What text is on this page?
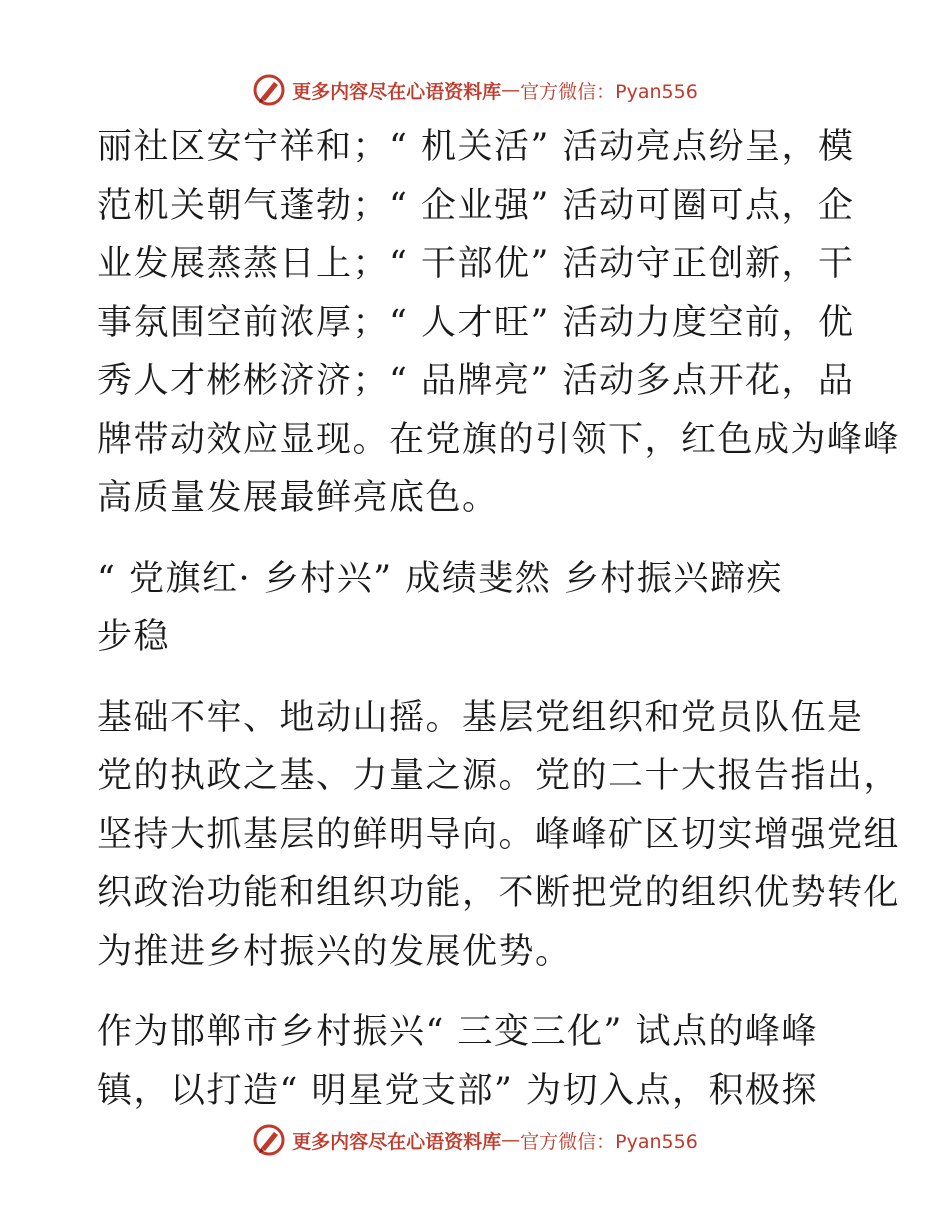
更多内容尽在心语资料库 — 官方微信：Pyan556
丽社区安宁祥和；“ 机关活” 活动亮点纷呈，模
范机关朝气蓬勃；“ 企业强” 活动可圈可点，企
业发展蒸蒸日上；“ 干部优” 活动守正创新，干
事氛围空前浓厚；“ 人才旺” 活动力度空前，优
秀人才彬彬济济；“ 品牌亮” 活动多点开花，品
牌带动效应显现。在党旗的引领下，红色成为峰峰
高质量发展最鲜亮底色。
“ 党旗红· 乡村兴” 成绩斐然 乡村振兴蹄疾
步稳
基础不牢、地动山摇。基层党组织和党员队伍是
党的执政之基、力量之源。党的二十大报告指出，
坚持大抓基层的鲜明导向。峰峰矿区切实增强党组
织政治功能和组织功能，不断把党的组织优势转化
为推进乡村振兴的发展优势。
作为邯郸市乡村振兴“ 三变三化” 试点的峰峰
镇，以打造“ 明星党支部” 为切入点，积极探
更多内容尽在心语资料库 — 官方微信：Pyan556
